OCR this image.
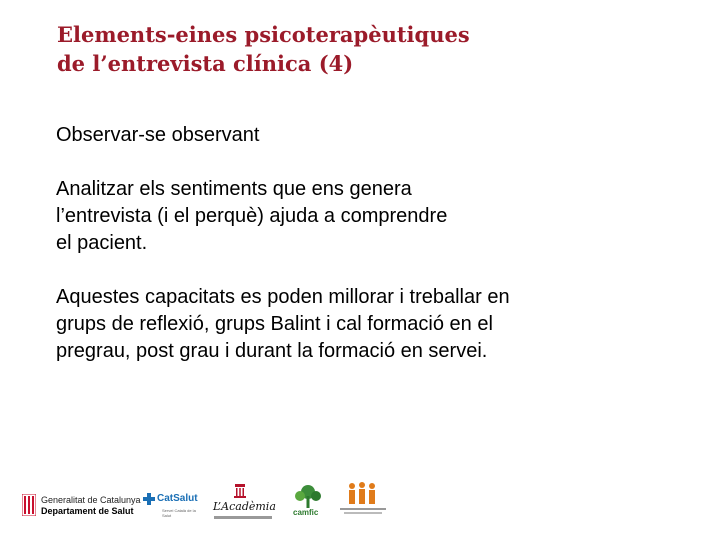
Elements-eines psicoterapèutiques
de l’entrevista clínica (4)

Observar-se observant

Analitzar els sentiments que ens genera
l’entrevista (i el perquè) ajuda a comprendre
el pacient.

Aquestes capacitats es poden millorar i treballar en
grups de reflexió, grups Balint i cal formació en el
pregrau, post grau i durant la formació en servei.

Generalitat de Catalunya
Departament de Salut
CatSalut
Servei Català de la Salut
L’Acadèmia camfic
